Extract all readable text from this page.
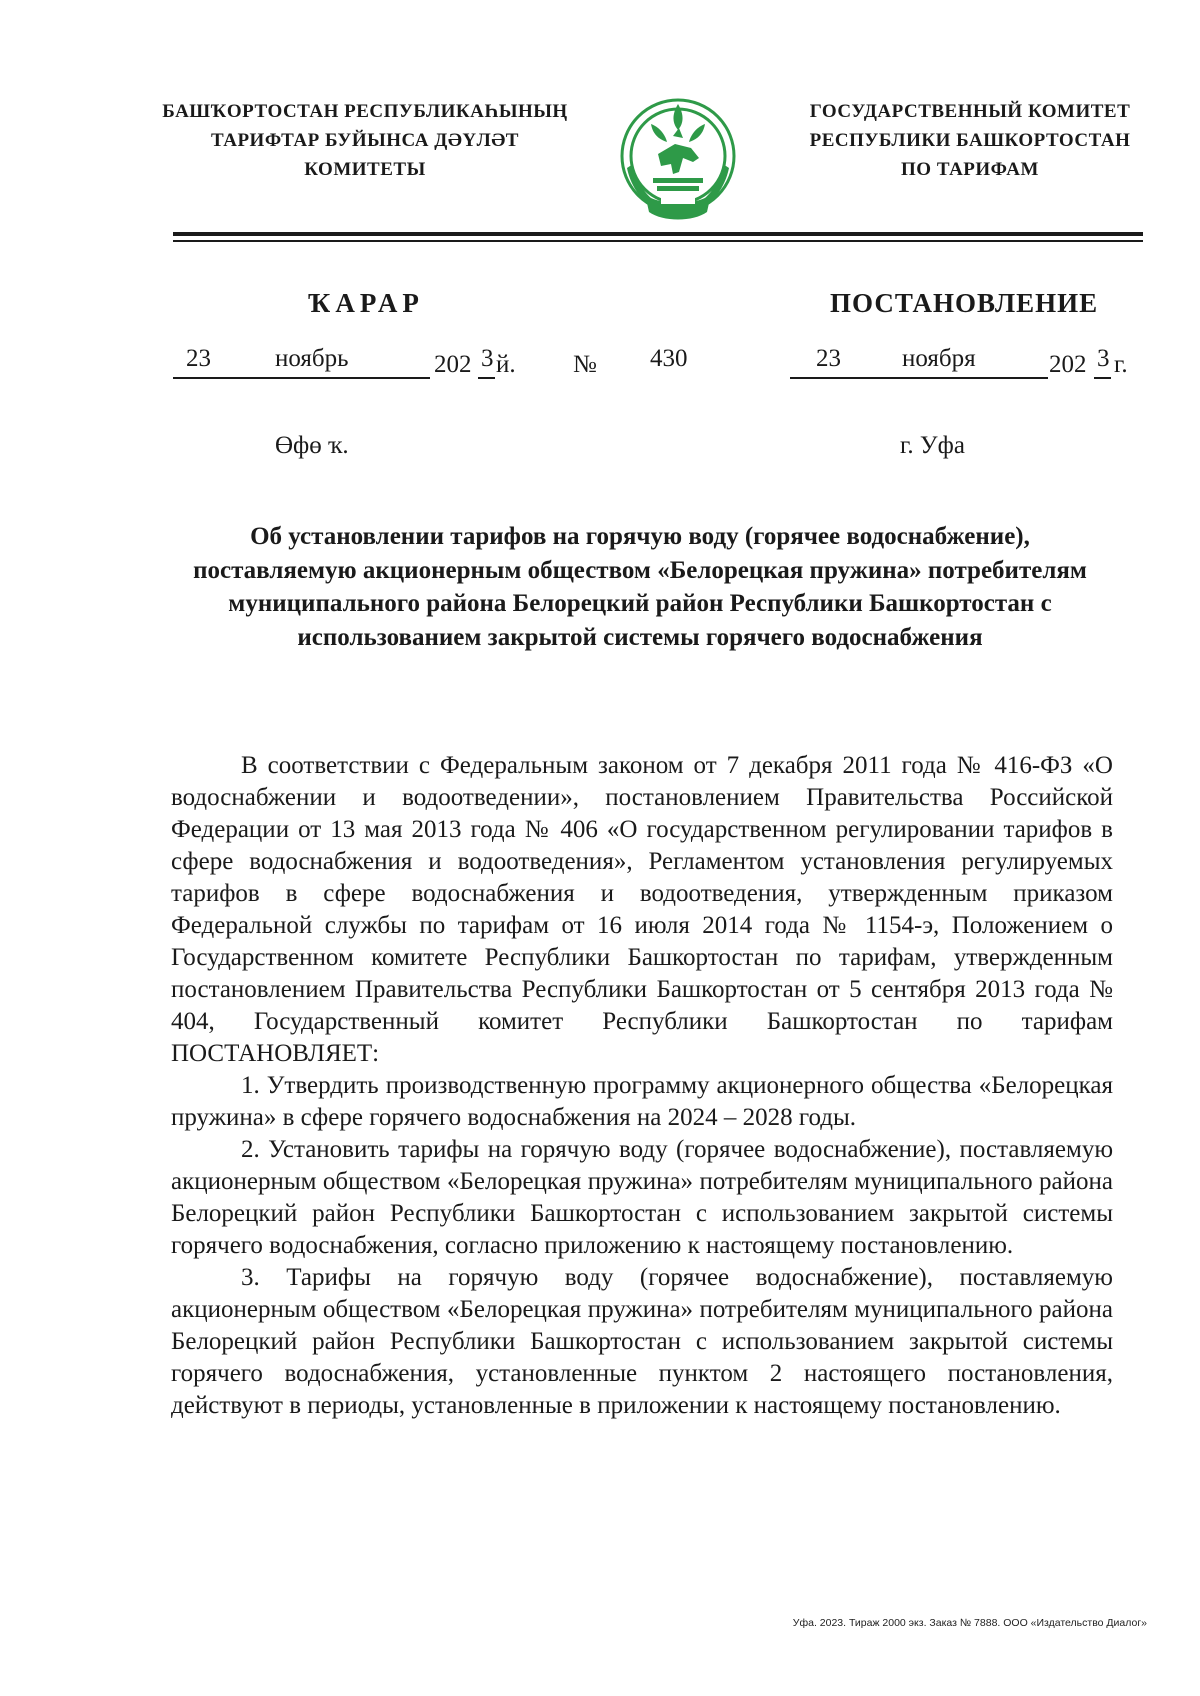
БАШҠОРТОСТАН РЕСПУБЛИКАҺЫНЫҢ
ТАРИФТАР БУЙЫНСА ДӘҮЛӘТ
КОМИТЕТЫ
ГОСУДАРСТВЕННЫЙ КОМИТЕТ
РЕСПУБЛИКИ БАШКОРТОСТАН
ПО ТАРИФАМ
ҠАРАР	ПОСТАНОВЛЕНИЕ
23	ноябрь	202 3 й. № 430	23 ноября	202 3 г.
Өфө ҡ.	г. Уфа
Об установлении тарифов на горячую воду (горячее водоснабжение), поставляемую акционерным обществом «Белорецкая пружина» потребителям муниципального района Белорецкий район Республики Башкортостан с использованием закрытой системы горячего водоснабжения

В соответствии с Федеральным законом от 7 декабря 2011 года № 416-ФЗ «О водоснабжении и водоотведении», постановлением Правительства Российской Федерации от 13 мая 2013 года № 406 «О государственном регулировании тарифов в сфере водоснабжения и водоотведения», Регламентом установления регулируемых тарифов в сфере водоснабжения и водоотведения, утвержденным приказом Федеральной службы по тарифам от 16 июля 2014 года № 1154-э, Положением о Государственном комитете Республики Башкортостан по тарифам, утвержденным постановлением Правительства Республики Башкортостан от 5 сентября 2013 года № 404, Государственный комитет Республики Башкортостан по тарифам ПОСТАНОВЛЯЕТ:

1. Утвердить производственную программу акционерного общества «Белорецкая пружина» в сфере горячего водоснабжения на 2024 – 2028 годы.

2. Установить тарифы на горячую воду (горячее водоснабжение), поставляемую акционерным обществом «Белорецкая пружина» потребителям муниципального района Белорецкий район Республики Башкортостан с использованием закрытой системы горячего водоснабжения, согласно приложению к настоящему постановлению.

3. Тарифы на горячую воду (горячее водоснабжение), поставляемую акционерным обществом «Белорецкая пружина» потребителям муниципального района Белорецкий район Республики Башкортостан с использованием закрытой системы горячего водоснабжения, установленные пунктом 2 настоящего постановления, действуют в периоды, установленные в приложении к настоящему постановлению.

Уфа. 2023. Тираж 2000 экз. Заказ № 7888. ООО «Издательство Диалог»
